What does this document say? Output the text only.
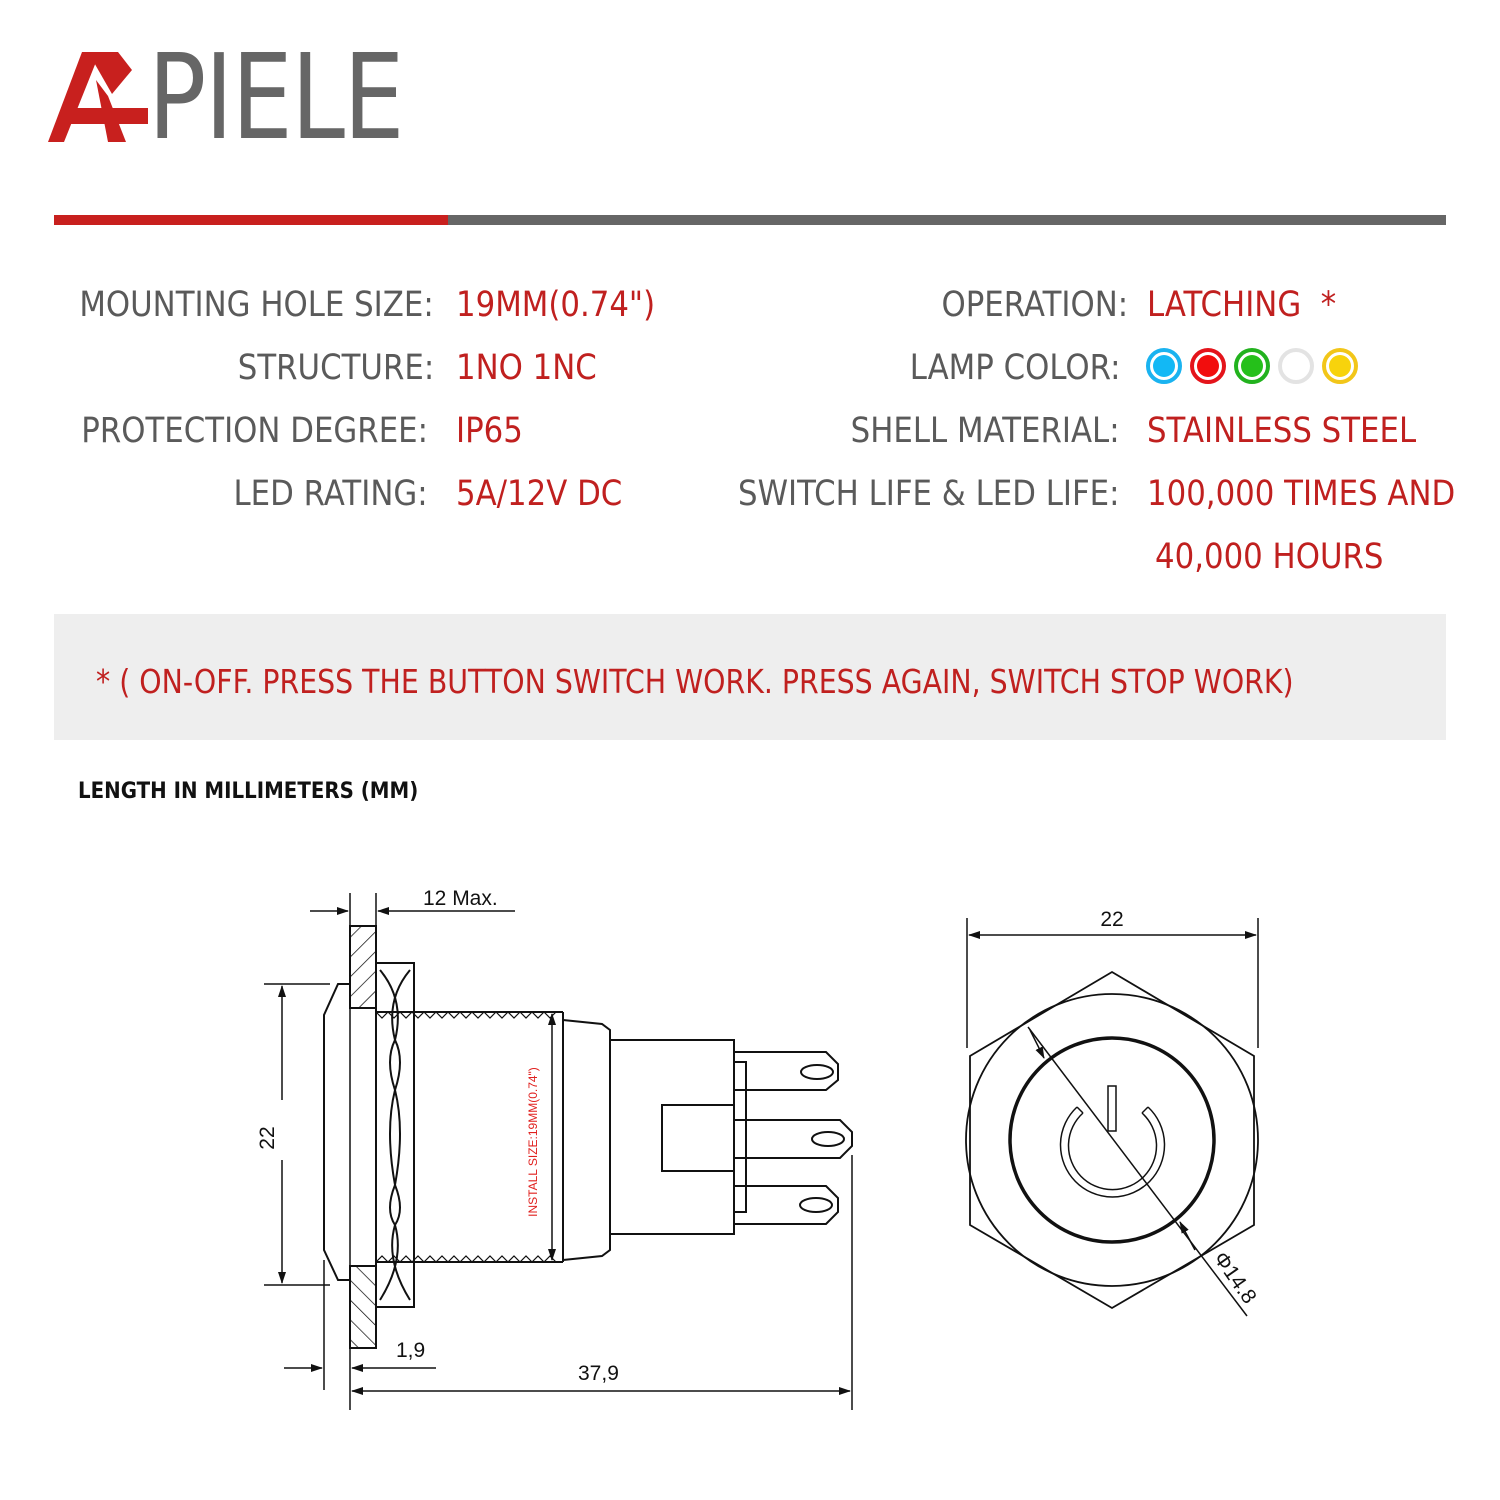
PIELE
MOUNTING HOLE SIZE: 19MM(0.74")
STRUCTURE: 1NO 1NC
PROTECTION DEGREE: IP65
LED RATING: 5A/12V DC
OPERATION: LATCHING  *
LAMP COLOR:
SHELL MATERIAL: STAINLESS STEEL
SWITCH LIFE & LED LIFE: 100,000 TIMES AND
40,000 HOURS
* ( ON-OFF. PRESS THE BUTTON SWITCH WORK. PRESS AGAIN, SWITCH STOP WORK)
LENGTH IN MILLIMETERS (MM)
12 Max.
22
1,9
37,9
INSTALL SIZE:19MM(0.74")
22
Φ14.8
